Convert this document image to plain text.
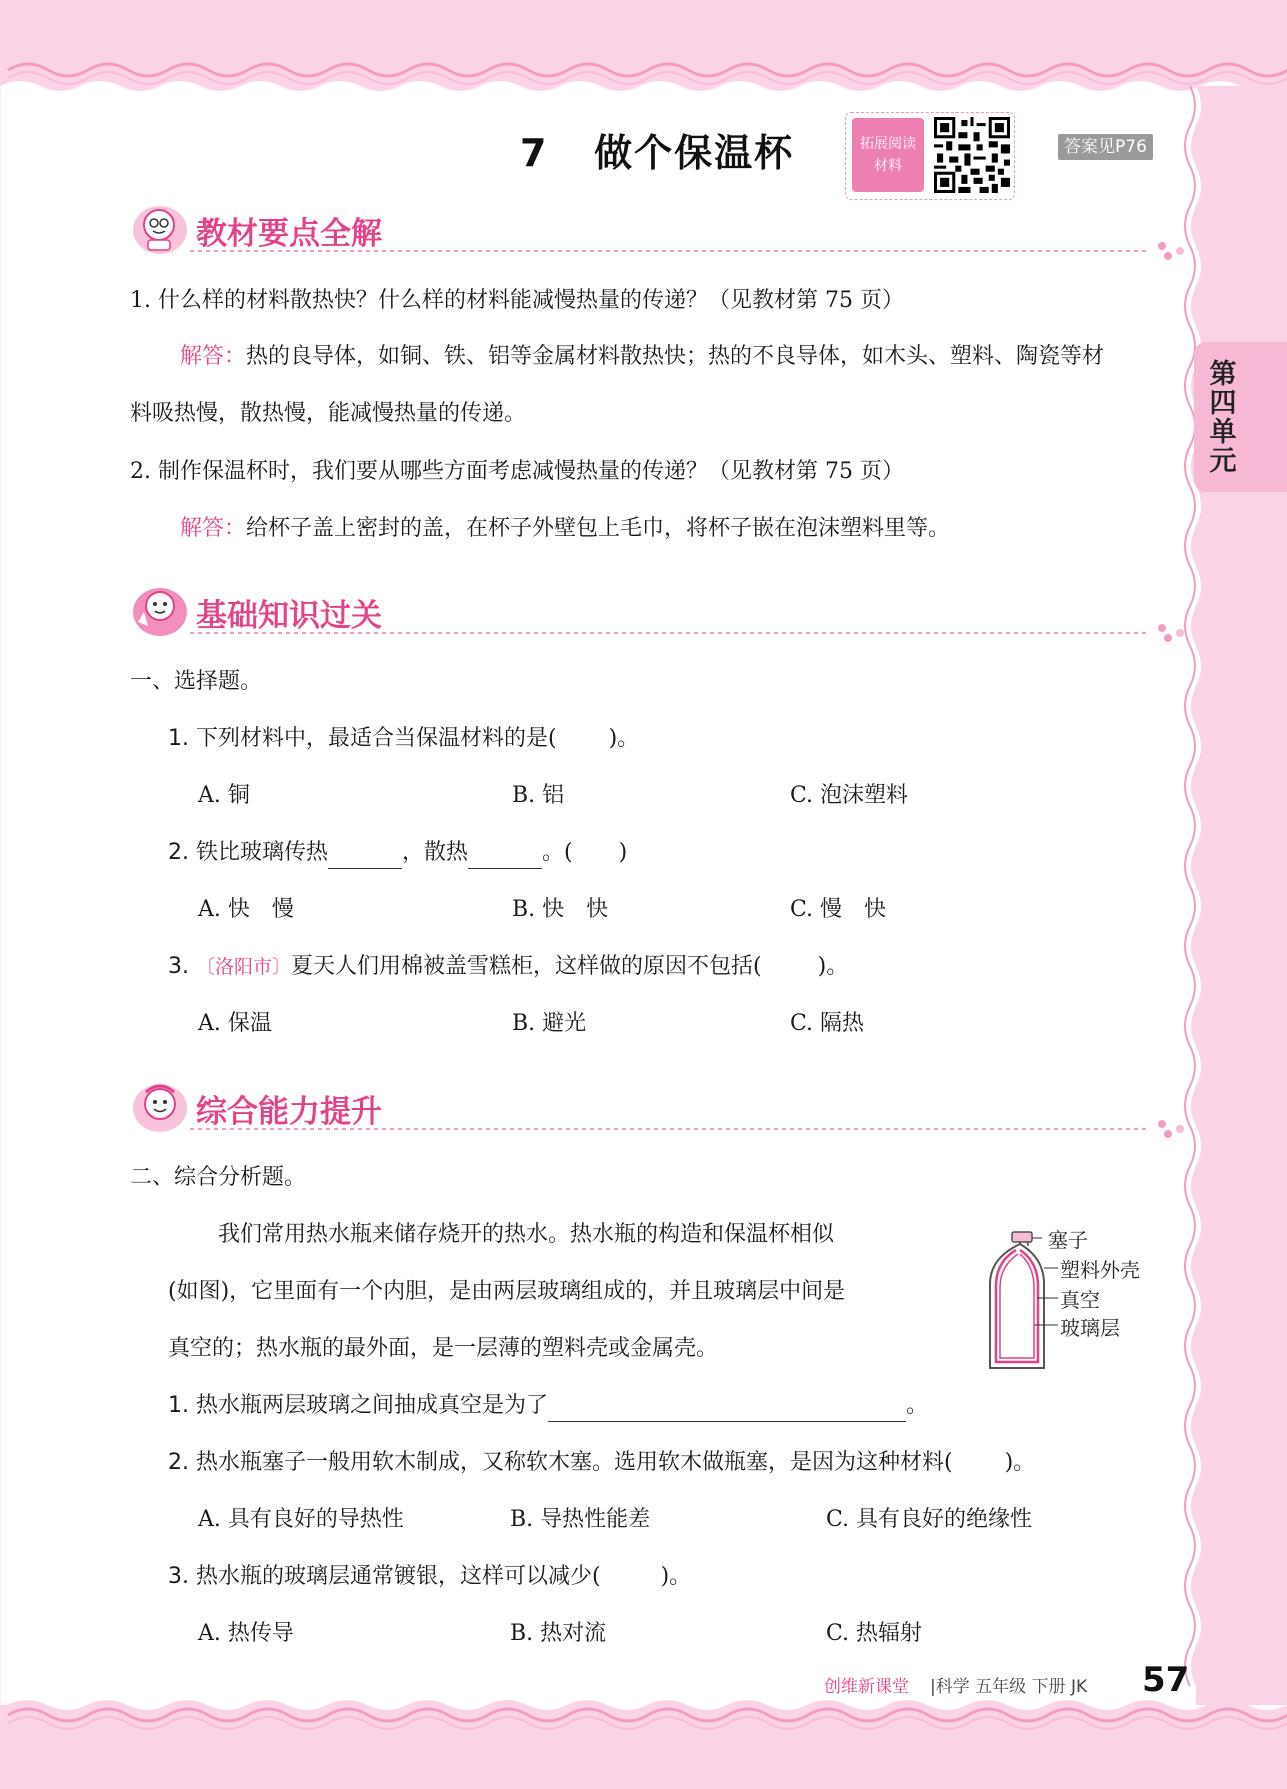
第四单元
7 做个保温杯	拓展阅读
材料
答案见P76
教材要点全解
1. 什么样的材料散热快？什么样的材料能减慢热量的传递？（见教材第 75 页）
解答：热的良导体，如铜、铁、铝等金属材料散热快；热的不良导体，如木头、塑料、陶瓷等材
料吸热慢，散热慢，能减慢热量的传递。
2. 制作保温杯时，我们要从哪些方面考虑减慢热量的传递？（见教材第 75 页）
解答：给杯子盖上密封的盖，在杯子外壁包上毛巾，将杯子嵌在泡沫塑料里等。
基础知识过关
一、选择题。
1. 下列材料中，最适合当保温材料的是( )。
A. 铜	B. 铝	C. 泡沫塑料
2. 铁比玻璃传热	，散热	。( )
A. 快　慢	B. 快　快	C. 慢　快
3. 〔洛阳市〕夏天人们用棉被盖雪糕柜，这样做的原因不包括(	)。
A. 保温	B. 避光	C. 隔热
综合能力提升
二、综合分析题。
我们常用热水瓶来储存烧开的热水。热水瓶的构造和保温杯相似
(如图)，它里面有一个内胆，是由两层玻璃组成的，并且玻璃层中间是
真空的；热水瓶的最外面，是一层薄的塑料壳或金属壳。
塞子
塑料外壳
真空
玻璃层
1. 热水瓶两层玻璃之间抽成真空是为了	。
2. 热水瓶塞子一般用软木制成，又称软木塞。选用软木做瓶塞，是因为这种材料( )。
A. 具有良好的导热性	B. 导热性能差	C. 具有良好的绝缘性
3. 热水瓶的玻璃层通常镀银，这样可以减少(	)。
A. 热传导	B. 热对流	C. 热辐射
创维新课堂 |科学 五年级 下册 JK 57
